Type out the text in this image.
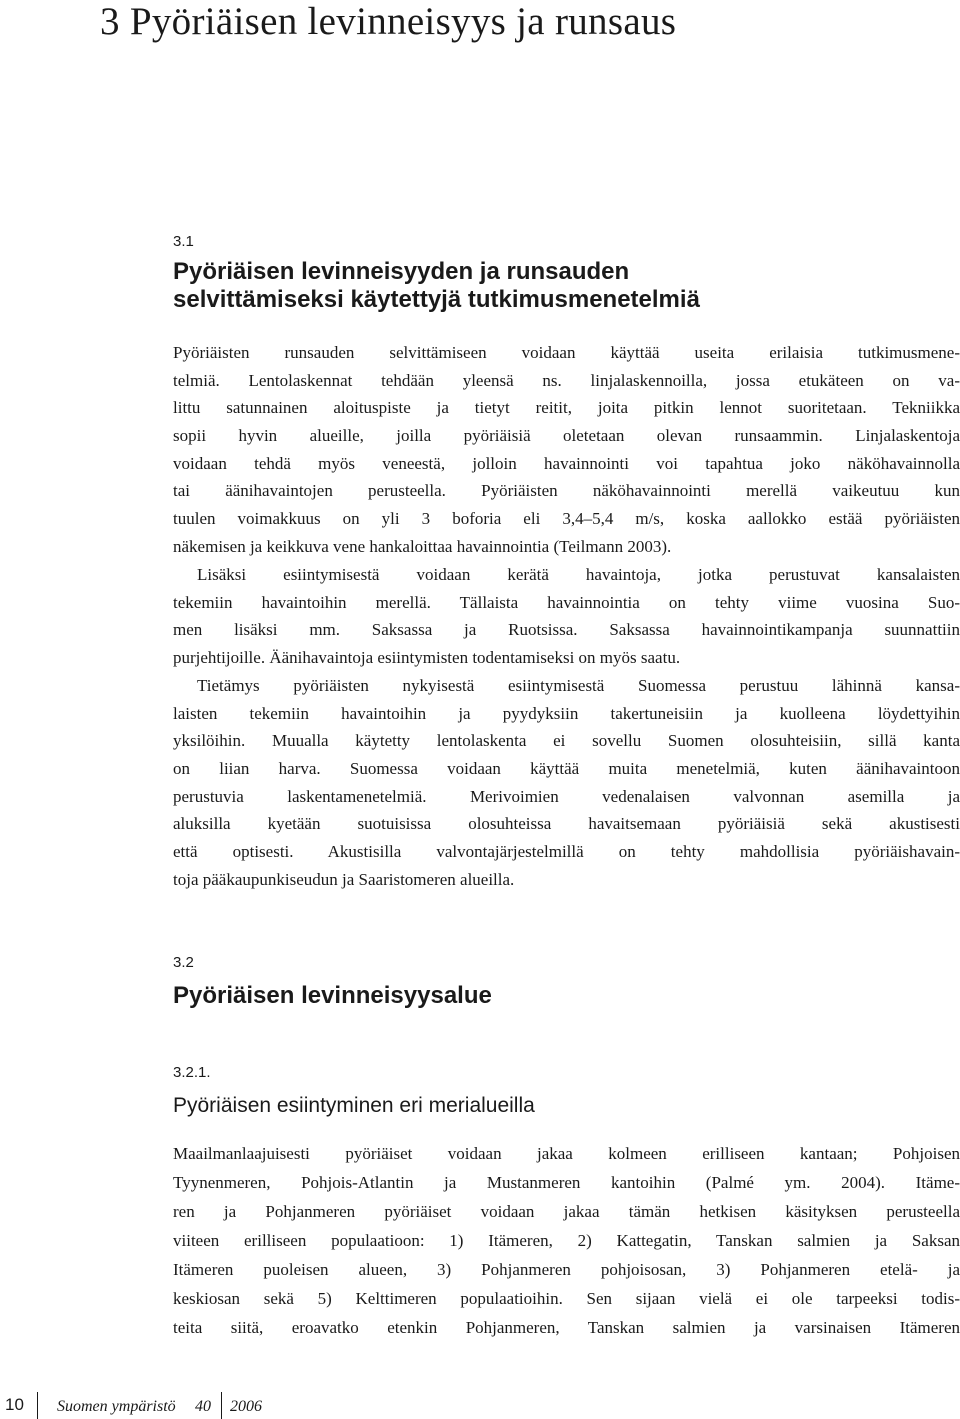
3 Pyöriäisen levinneisyys ja runsaus
3.1
Pyöriäisen levinneisyyden ja runsauden
selvittämiseksi käytettyjä tutkimusmenetelmiä
Pyöriäisten runsauden selvittämiseen voidaan käyttää useita erilaisia tutkimusmene-
telmiä. Lentolaskennat tehdään yleensä ns. linjalaskennoilla, jossa etukäteen on va-
littu satunnainen aloituspiste ja tietyt reitit, joita pitkin lennot suoritetaan. Tekniikka
sopii hyvin alueille, joilla pyöriäisiä oletetaan olevan runsaammin. Linjalaskentoja
voidaan tehdä myös veneestä, jolloin havainnointi voi tapahtua joko näköhavainnolla
tai äänihavaintojen perusteella. Pyöriäisten näköhavainnointi merellä vaikeutuu kun
tuulen voimakkuus on yli 3 boforia eli 3,4–5,4 m/s, koska aallokko estää pyöriäisten
näkemisen ja keikkuva vene hankaloittaa havainnointia (Teilmann 2003).
Lisäksi esiintymisestä voidaan kerätä havaintoja, jotka perustuvat kansalaisten
tekemiin havaintoihin merellä. Tällaista havainnointia on tehty viime vuosina Suo-
men lisäksi mm. Saksassa ja Ruotsissa. Saksassa havainnointikampanja suunnattiin
purjehtijoille. Äänihavaintoja esiintymisten todentamiseksi on myös saatu.
Tietämys pyöriäisten nykyisestä esiintymisestä Suomessa perustuu lähinnä kansa-
laisten tekemiin havaintoihin ja pyydyksiin takertuneisiin ja kuolleena löydettyihin
yksilöihin. Muualla käytetty lentolaskenta ei sovellu Suomen olosuhteisiin, sillä kanta
on liian harva. Suomessa voidaan käyttää muita menetelmiä, kuten äänihavaintoon
perustuvia laskentamenetelmiä. Merivoimien vedenalaisen valvonnan asemilla ja
aluksilla kyetään suotuisissa olosuhteissa havaitsemaan pyöriäisiä sekä akustisesti
että optisesti. Akustisilla valvontajärjestelmillä on tehty mahdollisia pyöriäishavain-
toja pääkaupunkiseudun ja Saaristomeren alueilla.
3.2
Pyöriäisen levinneisyysalue
3.2.1.
Pyöriäisen esiintyminen eri merialueilla
Maailmanlaajuisesti pyöriäiset voidaan jakaa kolmeen erilliseen kantaan; Pohjoisen
Tyynenmeren, Pohjois-Atlantin ja Mustanmeren kantoihin (Palmé ym. 2004). Itäme-
ren ja Pohjanmeren pyöriäiset voidaan jakaa tämän hetkisen käsityksen perusteella
viiteen erilliseen populaatioon: 1) Itämeren, 2) Kattegatin, Tanskan salmien ja Saksan
Itämeren puoleisen alueen, 3) Pohjanmeren pohjoisosan, 3) Pohjanmeren etelä- ja
keskiosan sekä 5) Kelttimeren populaatioihin. Sen sijaan vielä ei ole tarpeeksi todis-
teita siitä, eroavatko etenkin Pohjanmeren, Tanskan salmien ja varsinaisen Itämeren
10 Suomen ympäristö 40 2006
